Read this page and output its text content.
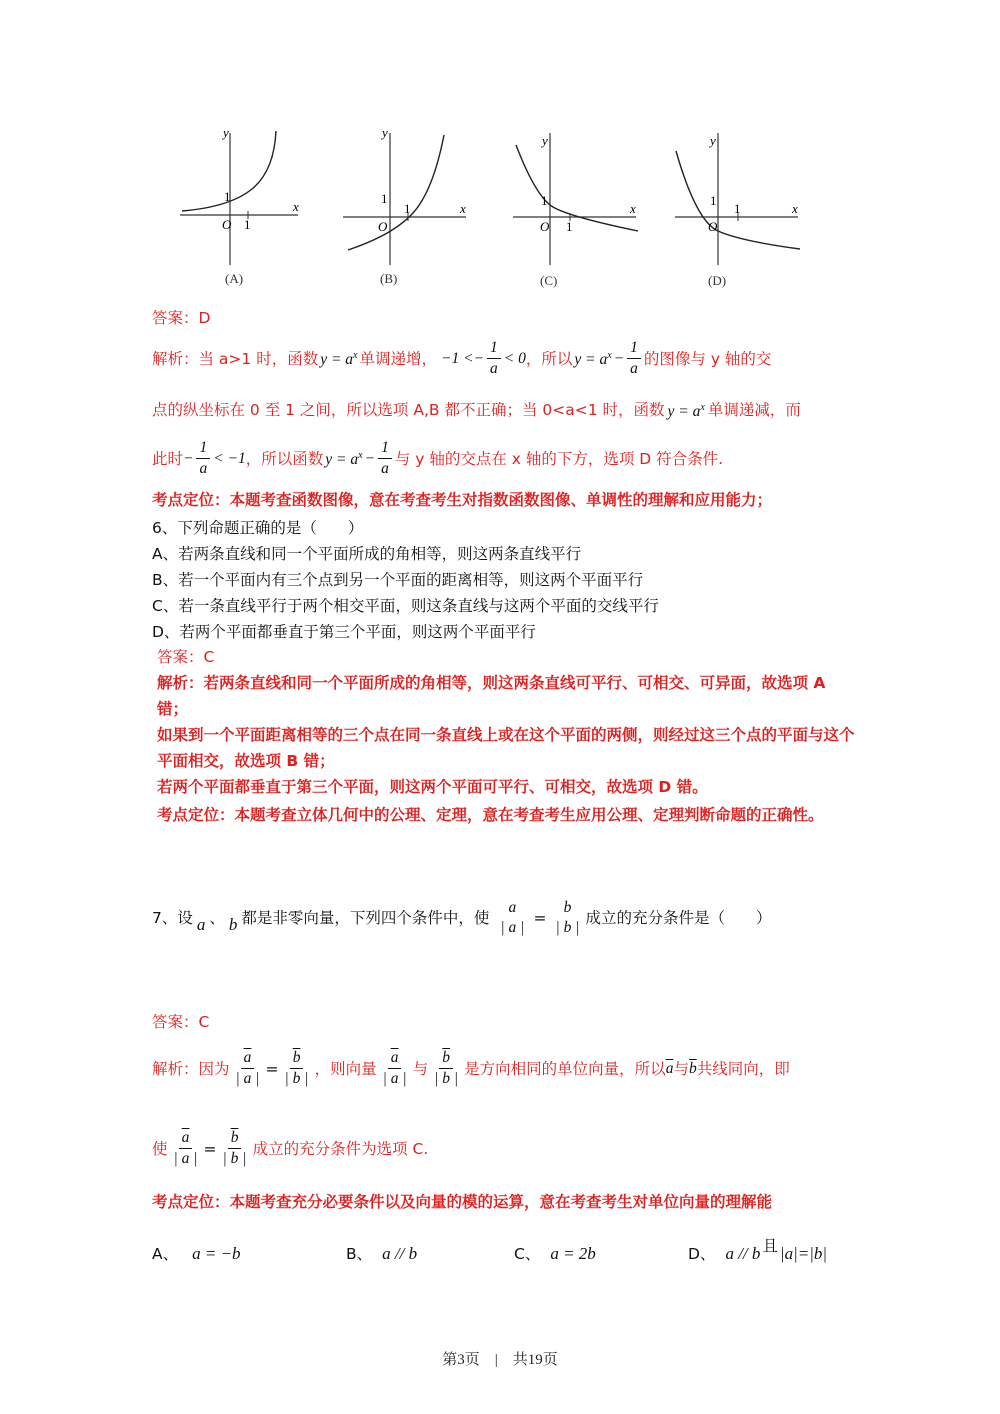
O 1
1
x
y
O
1
1
x
y
O 1
1
x
y
O
1
1
x
y
(A)	(B)	(C)	(D)
答案：D
解析：当 a>1 时，函数 $y = a^x$ 单调递增， −1 < − $\frac{1}{a} < 0$ ，所以 $y = a^x - \frac{1}{a}$ 的图像与 y 轴的交
点的纵坐标在 0 至 1 之间，所以选项 A,B 都不正确；当 0<a<1 时，函数 $y = a^x$ 单调递减，而
此时 − $\frac{1}{a} < -1$ ，所以函数 $y = a^x - \frac{1}{a}$ 与 y 轴的交点在 x 轴的下方，选项 D 符合条件.
考点定位：本题考查函数图像，意在考查考生对指数函数图像、单调性的理解和应用能力；
6、下列命题正确的是（　　）
A、若两条直线和同一个平面所成的角相等，则这两条直线平行
B、若一个平面内有三个点到另一个平面的距离相等，则这两个平面平行
C、若一条直线平行于两个相交平面，则这条直线与这两个平面的交线平行
D、若两个平面都垂直于第三个平面，则这两个平面平行
答案：C
解析：若两条直线和同一个平面所成的角相等，则这两条直线可平行、可相交、可异面，故选项 A 错；
如果到一个平面距离相等的三个点在同一条直线上或在这个平面的两侧，则经过这三个点的平面与这个平面相交，故选项 B 错；
若两个平面都垂直于第三个平面，则这两个平面可平行、可相交，故选项 D 错。
考点定位：本题考查立体几何中的公理、定理，意在考查考生应用公理、定理判断命题的正确性。
7、设 a 、 b 都是非零向量，下列四个条件中，使
a
| a |
=
b
| b |
成立的充分条件是（　　）
答案：C
解析：因为 $\frac{\overline{a}}{| a |} = \frac{\overline{b}}{| b |}$ ，则向量 $\frac{\overline{a}}{| a |}$ 与 $\frac{\overline{b}}{| b |}$ 是方向相同的单位向量，所以 $\overline{a}$ 与 $\overline{b}$ 共线同向，即
使 $\frac{\overline{a}}{| a |} = \frac{\overline{b}}{| b |}$ 成立的充分条件为选项 C.
考点定位：本题考查充分必要条件以及向量的模的运算，意在考查考生对单位向量的理解能
A、 a = −b	B、 a // b	C、 a = 2b	D、 a // b 且 |a|=|b|
第3页　|　共19页
